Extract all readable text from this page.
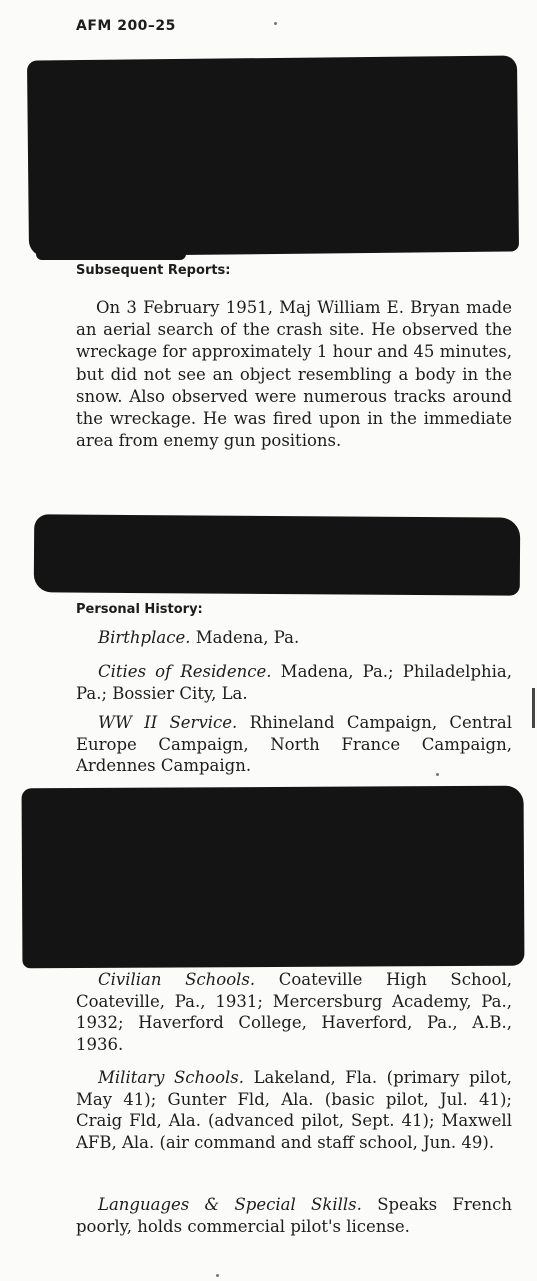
AFM 200–25
Subsequent Reports:

On 3 February 1951, Maj William E. Bryan made an aerial search of the crash site. He observed the wreckage for approximately 1 hour and 45 minutes, but did not see an object resembling a body in the snow. Also observed were numerous tracks around the wreckage. He was fired upon in the immediate area from enemy gun positions.

Personal History:
Birthplace. Madena, Pa.
Cities of Residence. Madena, Pa.; Philadelphia, Pa.; Bossier City, La.
WW II Service. Rhineland Campaign, Central Europe Campaign, North France Campaign, Ardennes Campaign.
Civilian Schools. Coateville High School, Coateville, Pa., 1931; Mercersburg Academy, Pa., 1932; Haverford College, Haverford, Pa., A.B., 1936.
Military Schools. Lakeland, Fla. (primary pilot, May 41); Gunter Fld, Ala. (basic pilot, Jul. 41); Craig Fld, Ala. (advanced pilot, Sept. 41); Maxwell AFB, Ala. (air command and staff school, Jun. 49).
Languages & Special Skills. Speaks French poorly, holds commercial pilot's license.
